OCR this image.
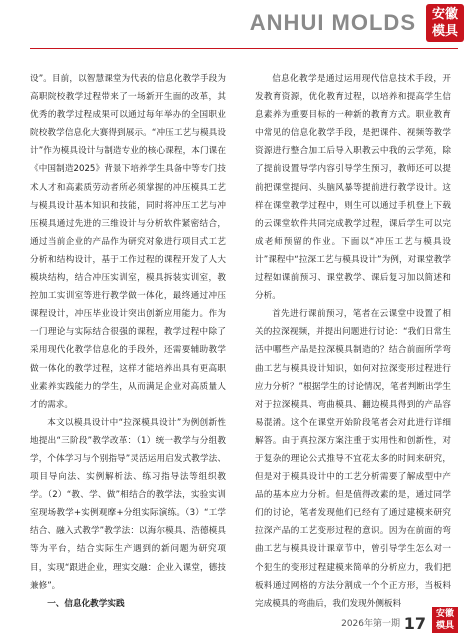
ANHUI MOLDS	安徽
模具

设”。目前，以智慧课堂为代表的信息化教学手段为高职院校教学过程带来了一场新开生面的改革，其优秀的教学过程成果可以通过每年举办的全国职业院校教学信息化大赛得到展示。“冲压工艺与模具设计”作为模具设计与制造专业的核心课程，本门课在《中国制造2025》背景下培养学生具备中等专门技术人才和高素质劳动者所必须掌握的冲压模具工艺与模具设计基本知识和技能，同时将冲压工艺与冲压模具通过先进的三维设计与分析软件紧密结合，通过当前企业的产品作为研究对象进行项目式工艺分析和结构设计，基于工作过程的课程开发了人大模块结构，结合冲压实训室，模具拆装实训室，教控加工实训室等进行教学做一体化，最终通过冲压课程设计，冲压毕业设计突出创新应用能力。作为一门理论与实际结合很强的课程，教学过程中除了采用现代化教学信息化的手段外，还需要辅助教学做一体化的教学过程，这样才能培养出具有更高职业素养实践能力的学生，从而满足企业对高质量人才的需求。

本文以模具设计中“拉深模具设计”为例创新性地提出“三阶段”教学改革：（1）统一教学与分组教学，个体学习与个别指导”灵活运用启发式教学法、项目导向法、实例解析法、练习指导法等组织教学。（2）“教、学、做”相结合的教学法，实验实训室现场教学+实例观摩+分组实际演练。（3）“工学结合、融入式教学”教学法：以海尔模具、浩德模具等为平台，结合实际生产遇到的新问题为研究项目，实现“跟进企业，理实交融：企业入课堂，德技兼修”。

一、信息化教学实践

信息化教学是通过运用现代信息技术手段，开发教育资源，优化教育过程，以培养和提高学生信息素养为重要目标的一种新的教育方式。职业教育中常见的信息化教学手段，是把课件、视频等教学资源进行整合加工后导入职教云中我的云学苑，除了提前设置导学内容引导学生预习，教师还可以提前把课堂提问、头脑风暴等提前进行教学设计。这样在课堂教学过程中，则生可以通过手机登上下载的云课堂软件共同完成教学过程，课后学生可以完成老师预留的作业。下面以“冲压工艺与模具设计”课程中“拉深工艺与模具设计”为例，对课堂教学过程如课前预习、课堂教学、课后复习加以简述和分析。

首先进行课前预习，笔者在云课堂中设置了相关的拉深视频，并提出问题进行讨论：“我们日常生活中哪些产品是拉深模具制造的？结合前面所学弯曲工艺与模具设计知识，如何对拉深变形过程进行应力分析？”根据学生的讨论情况，笔者判断出学生对于拉深模具、弯曲模具、翻边模具得到的产品容易混淆。这个在课堂开始阶段笔者会对此进行详细解答。由于真拉深方案注重于实用性和创新性，对于复杂的理论公式推导不宜花太多的时间来研究，但是对于模具设计中的工艺分析需要了解成型中产品的基本应力分析。但是值得改素的是，通过同学们的讨论，笔者发现他们已经有了通过建模来研究拉深产品的工艺变形过程的意识。因为在前面的弯曲工艺与模具设计课章节中，曾引导学生怎么对一个犯生的变形过程建模来简单的分析应力，我们把板料通过网格的方法分割成一个个正方形，当板料完成模具的弯曲后，我们发现外侧板料

2026年第一期 17	安徽
模具
